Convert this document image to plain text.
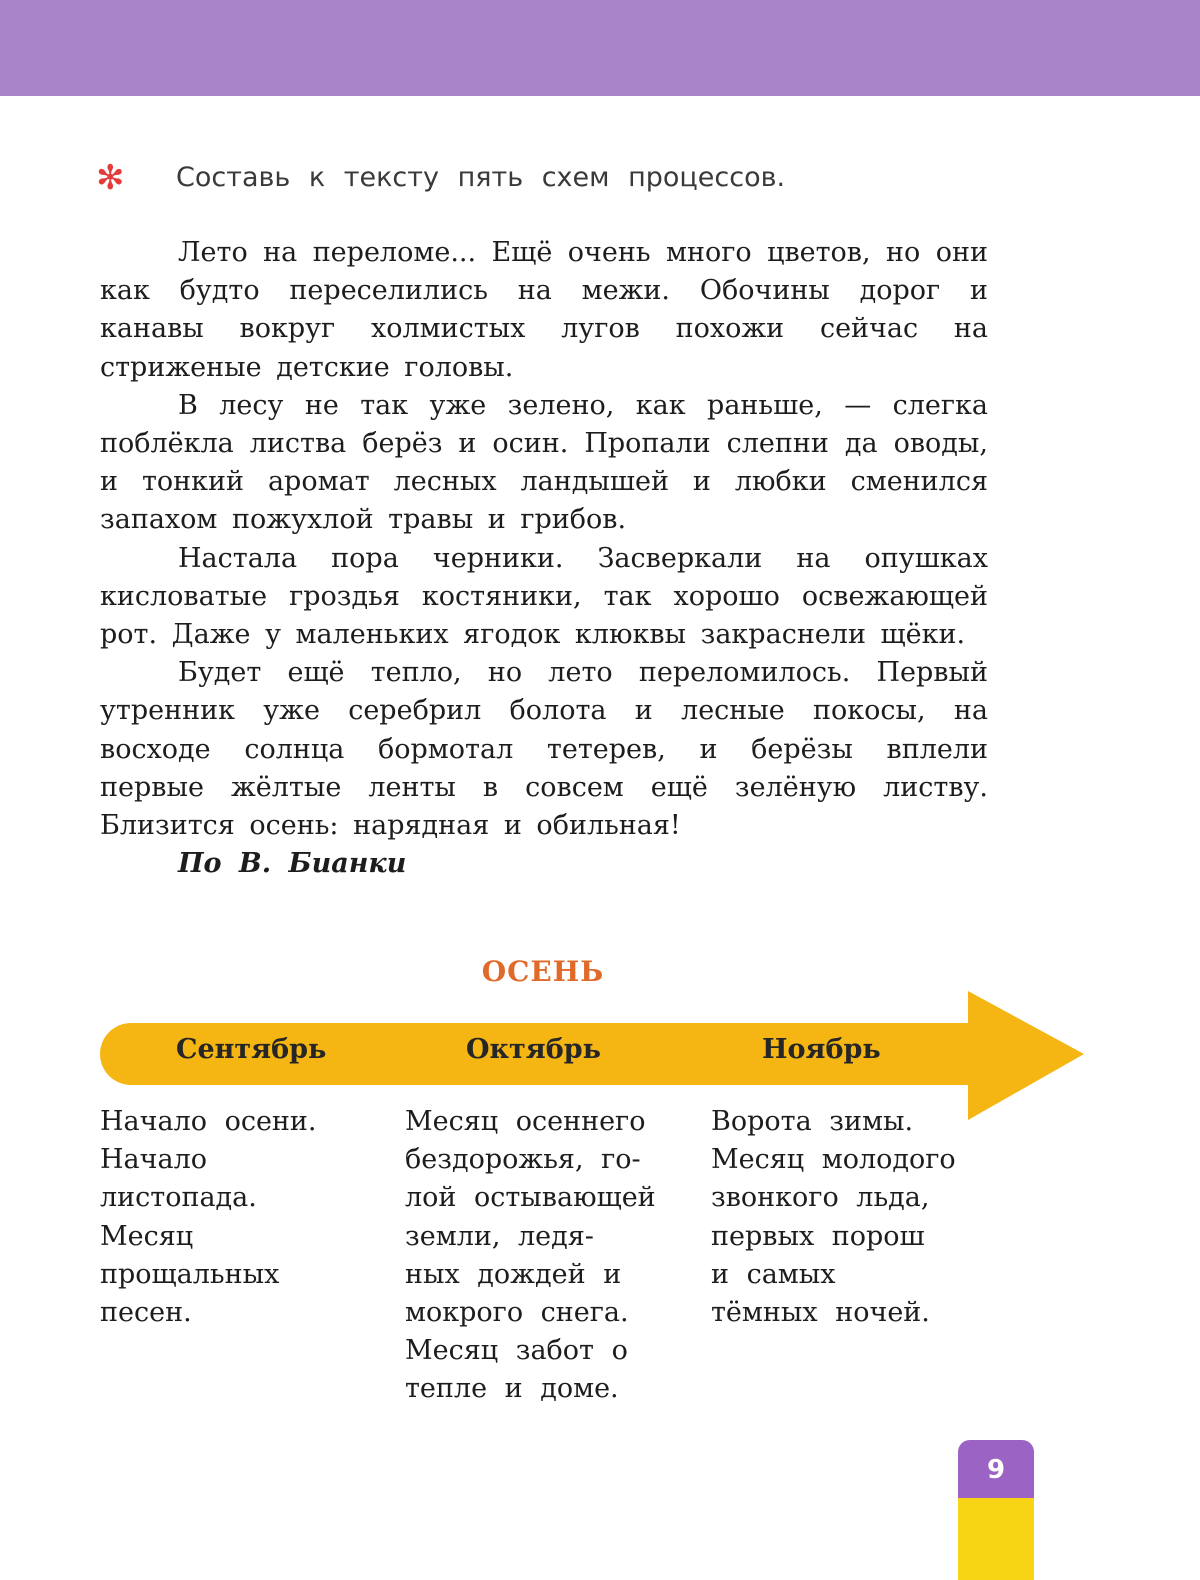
✻ Составь к тексту пять схем процессов.

Лето на переломе... Ещё очень много цветов, но они как будто переселились на межи. Обочины дорог и канавы вокруг холмистых лугов похожи сейчас на стриженые детские головы.

В лесу не так уже зелено, как раньше, — слегка поблёкла листва берёз и осин. Пропали слепни да оводы, и тонкий аромат лесных ландышей и любки сменился запахом пожухлой травы и грибов.

Настала пора черники. Засверкали на опушках кисловатые гроздья костяники, так хорошо освежающей рот. Даже у маленьких ягодок клюквы закраснели щёки.

Будет ещё тепло, но лето переломилось. Первый утренник уже серебрил болота и лесные покосы, на восходе солнца бормотал тетерев, и берёзы вплели первые жёлтые ленты в совсем ещё зелёную листву. Близится осень: нарядная и обильная!

По В. Бианки

ОСЕНЬ
Сентябрь	Октябрь	Ноябрь
Начало осени.
Начало
листопада.
Месяц
прощальных
песен.
Месяц осеннего
бездорожья, го-
лой остывающей
земли, ледя-
ных дождей и
мокрого снега.
Месяц забот о
тепле и доме.
Ворота зимы.
Месяц молодого
звонкого льда,
первых порош
и самых
тёмных ночей.
9
